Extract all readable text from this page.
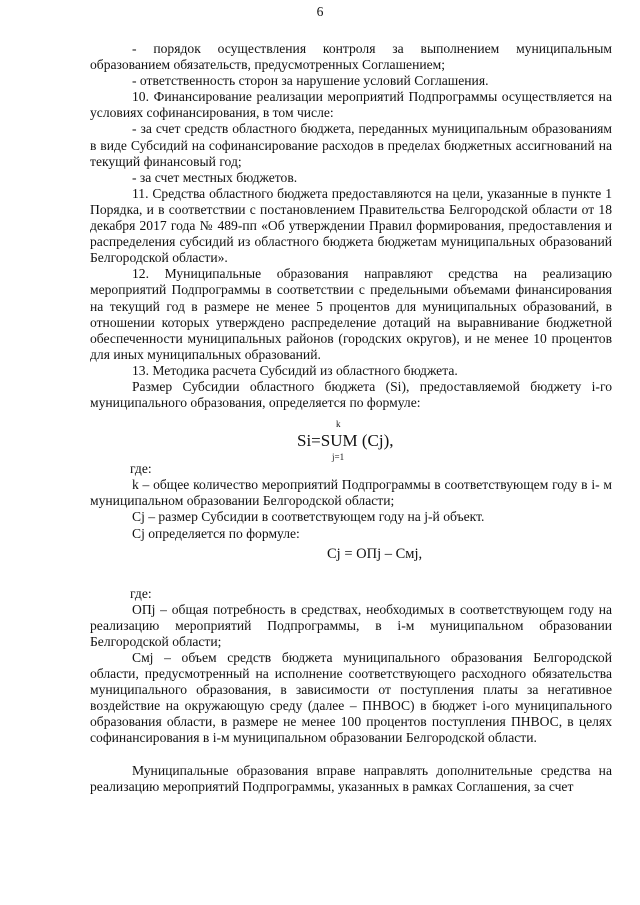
6

- порядок осуществления контроля за выполнением муниципальным образованием обязательств, предусмотренных Соглашением;

- ответственность сторон за нарушение условий Соглашения.

10. Финансирование реализации мероприятий Подпрограммы осуществляется на условиях софинансирования, в том числе:

- за счет средств областного бюджета, переданных муниципальным образованиям в виде Субсидий на софинансирование расходов в пределах бюджетных ассигнований на текущий финансовый год;

- за счет местных бюджетов.

11. Средства областного бюджета предоставляются на цели, указанные в пункте 1 Порядка, и в соответствии с постановлением Правительства Белгородской области от 18 декабря 2017 года № 489-пп «Об утверждении Правил формирования, предоставления и распределения субсидий из областного бюджета бюджетам муниципальных образований Белгородской области».

12. Муниципальные образования направляют средства на реализацию мероприятий Подпрограммы в соответствии с предельными объемами финансирования на текущий год в размере не менее 5 процентов для муниципальных образований, в отношении которых утверждено распределение дотаций на выравнивание бюджетной обеспеченности муниципальных районов (городских округов), и не менее 10 процентов для иных муниципальных образований.

13. Методика расчета Субсидий из областного бюджета.

Размер Субсидии областного бюджета (Si), предоставляемой бюджету i-го муниципального образования, определяется по формуле:

k
Si=SUM (Cj),
j=1

где:

k – общее количество мероприятий Подпрограммы в соответствующем году в i- м муниципальном образовании Белгородской области;

Cj – размер Субсидии в соответствующем году на j-й объект.

Cj определяется по формуле:

Cj = OПj – Cмj,

где:

OПj – общая потребность в средствах, необходимых в соответствующем году на реализацию мероприятий Подпрограммы, в i-м муниципальном образовании Белгородской области;

Cмj – объем средств бюджета муниципального образования Белгородской области, предусмотренный на исполнение соответствующего расходного обязательства муниципального образования, в зависимости от поступления платы за негативное воздействие на окружающую среду (далее – ПНВОС) в бюджет i-ого муниципального образования области, в размере не менее 100 процентов поступления ПНВОС, в целях софинансирования в i-м муниципальном образовании Белгородской области.

Муниципальные образования вправе направлять дополнительные средства на реализацию мероприятий Подпрограммы, указанных в рамках Соглашения, за счет
